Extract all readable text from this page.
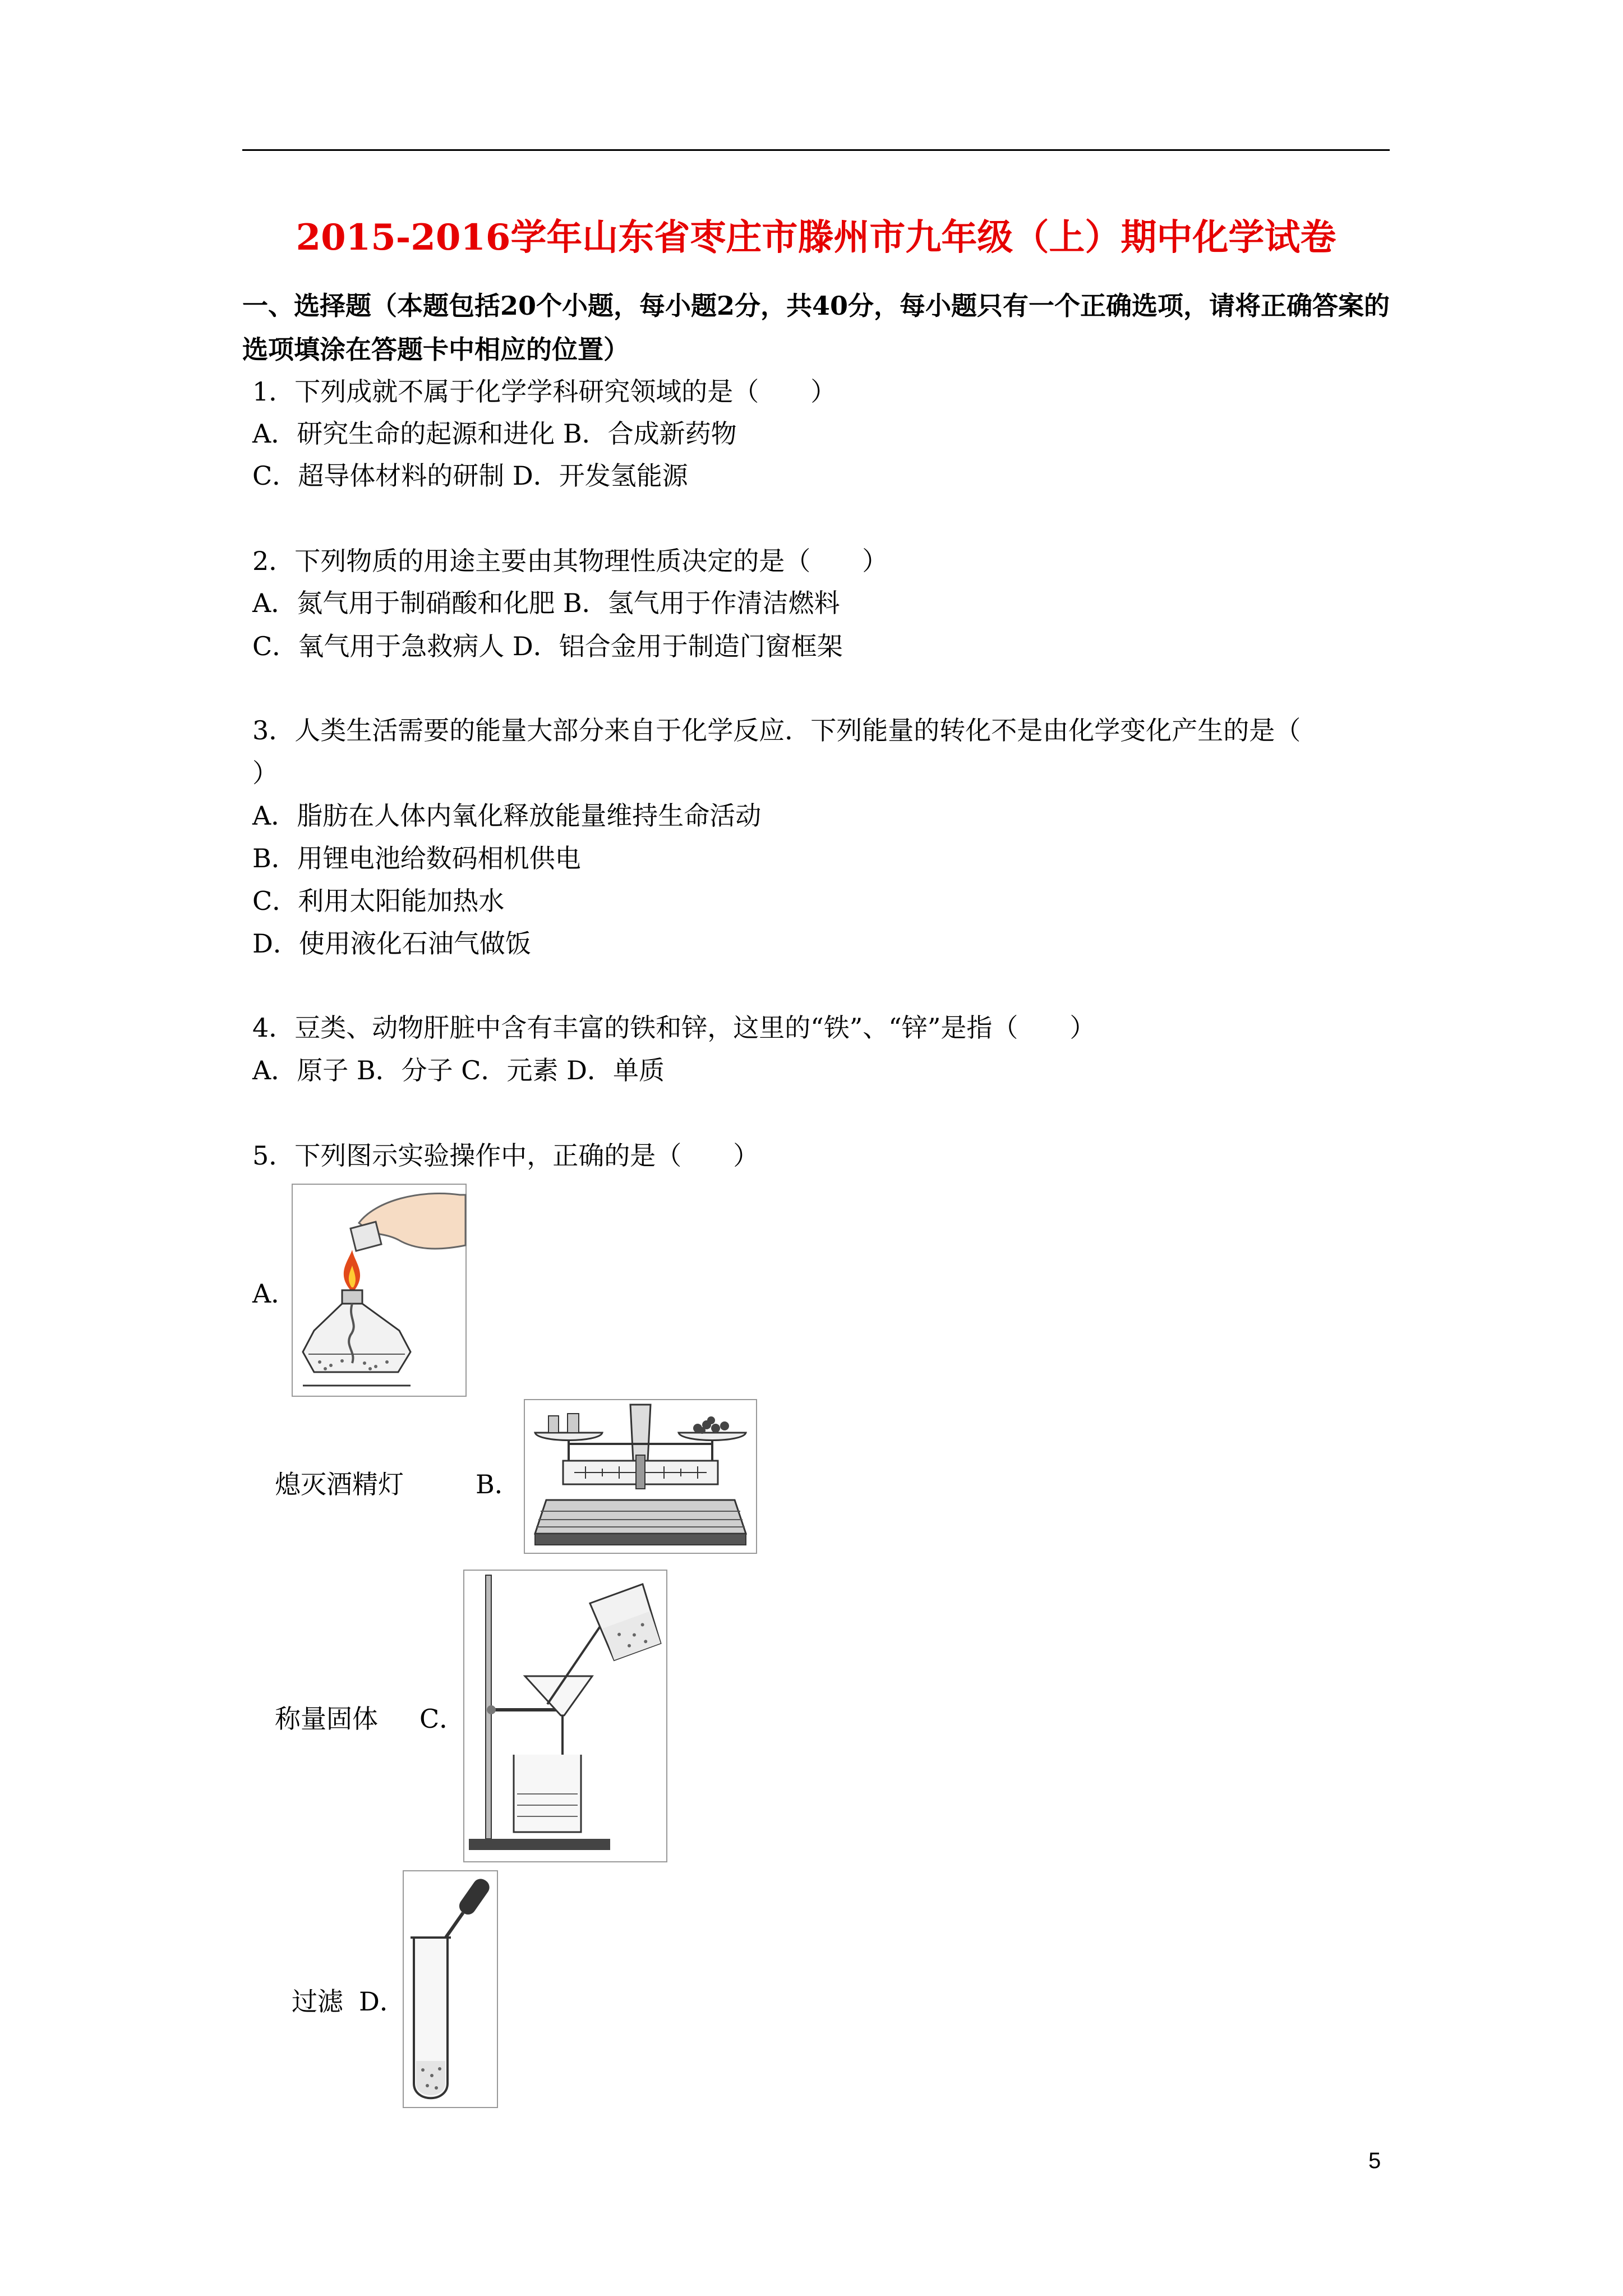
2015-2016学年山东省枣庄市滕州市九年级（上）期中化学试卷
一、选择题（本题包括20个小题，每小题2分，共40分，每小题只有一个正确选项，请将正确答案的选项填涂在答题卡中相应的位置）
1．下列成就不属于化学学科研究领域的是（　　）
A．研究生命的起源和进化 B．合成新药物
C．超导体材料的研制 D．开发氢能源
2．下列物质的用途主要由其物理性质决定的是（　　）
A．氮气用于制硝酸和化肥 B．氢气用于作清洁燃料
C．氧气用于急救病人 D．铝合金用于制造门窗框架
3．人类生活需要的能量大部分来自于化学反应．下列能量的转化不是由化学变化产生的是（
）
A．脂肪在人体内氧化释放能量维持生命活动
B．用锂电池给数码相机供电
C．利用太阳能加热水
D．使用液化石油气做饭
4．豆类、动物肝脏中含有丰富的铁和锌，这里的“铁”、“锌”是指（　　）
A．原子 B．分子 C．元素 D．单质
5．下列图示实验操作中，正确的是（　　）
A．
熄灭酒精灯	B．
称量固体 C．
过滤 D．
5
